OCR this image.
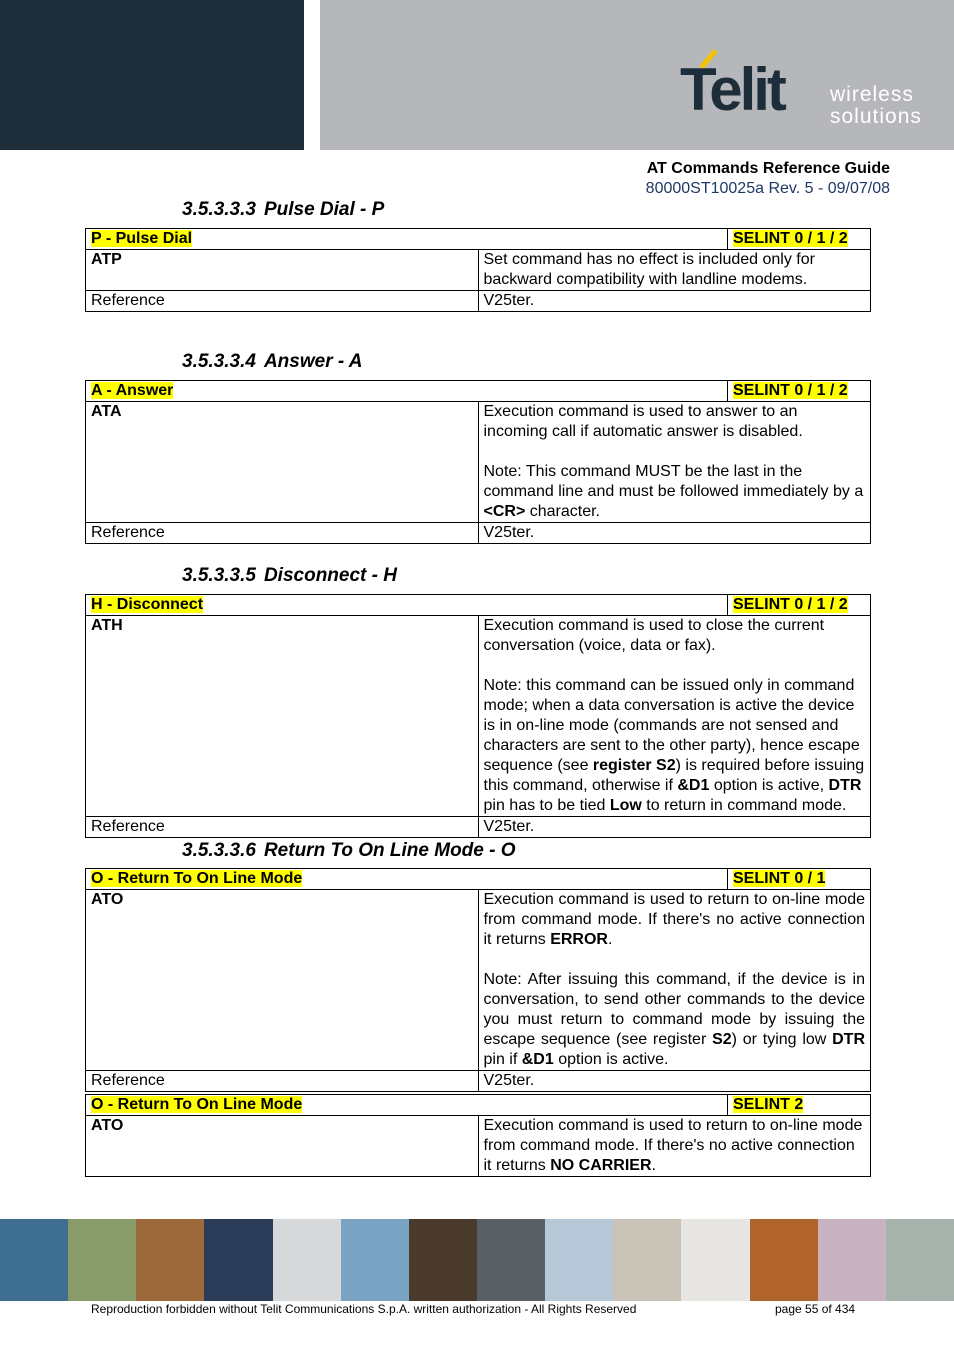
Telit wireless
solutions
AT Commands Reference Guide
80000ST10025a Rev. 5 - 09/07/08
3.5.3.3.3 Pulse Dial - P
P - Pulse Dial SELINT 0 / 1 / 2	

ATP	Set command has no effect is included only for backward compatibility with landline modems.
Reference	V25ter.
3.5.3.3.4 Answer - A
A - Answer SELINT 0 / 1 / 2	

ATA	Execution command is used to answer to an incoming call if automatic answer is disabled.

Note: This command MUST be the last in the command line and must be followed immediately by a <CR> character.

Reference	V25ter.
3.5.3.3.5 Disconnect - H
H - Disconnect SELINT 0 / 1 / 2	

ATH	Execution command is used to close the current conversation (voice, data or fax).

Note: this command can be issued only in command mode; when a data conversation is active the device is in on-line mode (commands are not sensed and characters are sent to the other party), hence escape sequence (see register S2) is required before issuing this command, otherwise if &D1 option is active, DTR pin has to be tied Low to return in command mode.

Reference	V25ter.
3.5.3.3.6 Return To On Line Mode - O
O - Return To On Line Mode SELINT 0 / 1	

ATO	Execution command is used to return to on-line mode from command mode. If there's no active connection it returns ERROR.

Note: After issuing this command, if the device is in conversation, to send other commands to the device you must return to command mode by issuing the escape sequence (see register S2) or tying low DTR pin if &D1 option is active.

Reference	V25ter.
O - Return To On Line Mode	SELINT 2

ATO	Execution command is used to return to on-line mode from command mode. If there's no active connection it returns NO CARRIER.

Reproduction forbidden without Telit Communications S.p.A. written authorization - All Rights Reserved	page 55 of 434
